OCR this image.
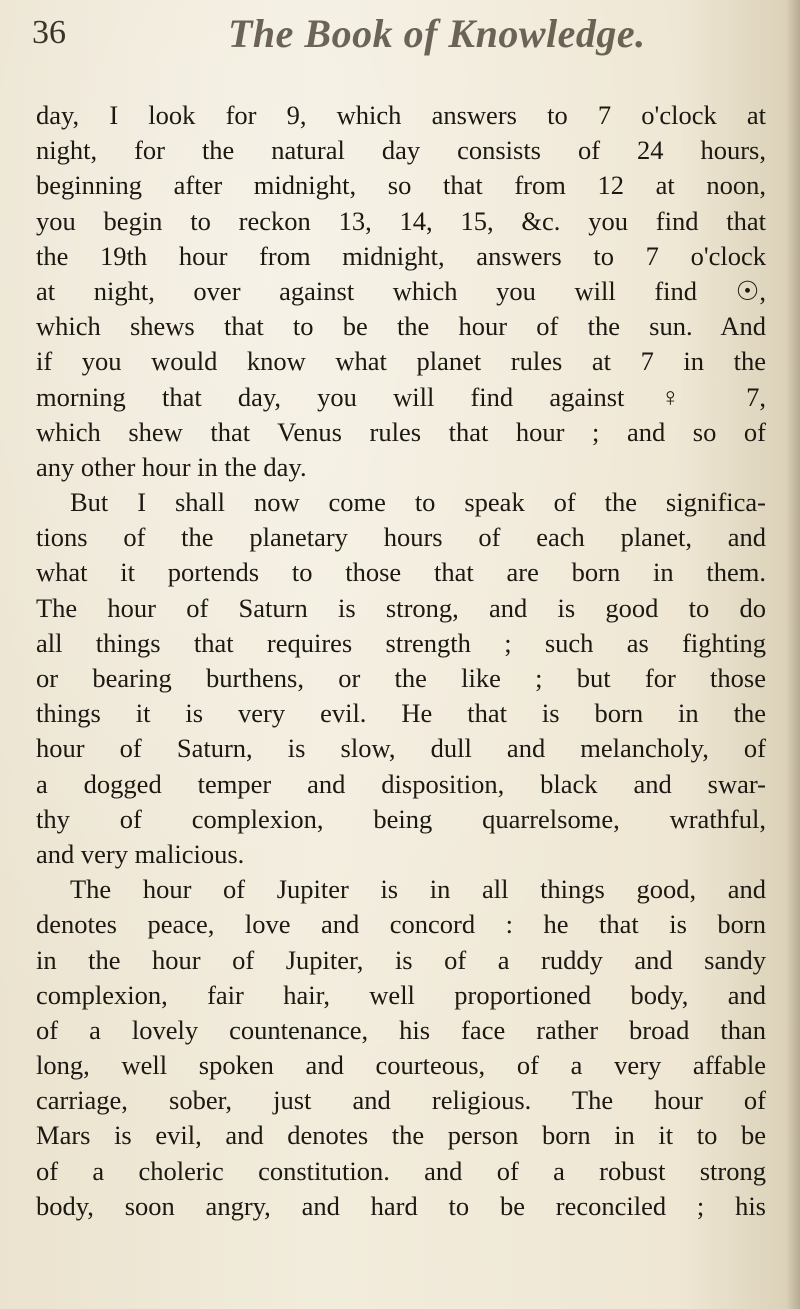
36	The Book of Knowledge.
day, I look for 9, which answers to 7 o'clock at
night, for the natural day consists of 24 hours,
beginning after midnight, so that from 12 at noon,
you begin to reckon 13, 14, 15, &c. you find that
the 19th hour from midnight, answers to 7 o'clock
at night, over against which you will find ☉,
which shews that to be the hour of the sun. And
if you would know what planet rules at 7 in the
morning that day, you will find against ♀ 7,
which shew that Venus rules that hour ; and so of
any other hour in the day.
But I shall now come to speak of the significa-
tions of the planetary hours of each planet, and
what it portends to those that are born in them.
The hour of Saturn is strong, and is good to do
all things that requires strength ; such as fighting
or bearing burthens, or the like ; but for those
things it is very evil. He that is born in the
hour of Saturn, is slow, dull and melancholy, of
a dogged temper and disposition, black and swar-
thy of complexion, being quarrelsome, wrathful,
and very malicious.
The hour of Jupiter is in all things good, and
denotes peace, love and concord : he that is born
in the hour of Jupiter, is of a ruddy and sandy
complexion, fair hair, well proportioned body, and
of a lovely countenance, his face rather broad than
long, well spoken and courteous, of a very affable
carriage, sober, just and religious. The hour of
Mars is evil, and denotes the person born in it to be
of a choleric constitution. and of a robust strong
body, soon angry, and hard to be reconciled ; his
